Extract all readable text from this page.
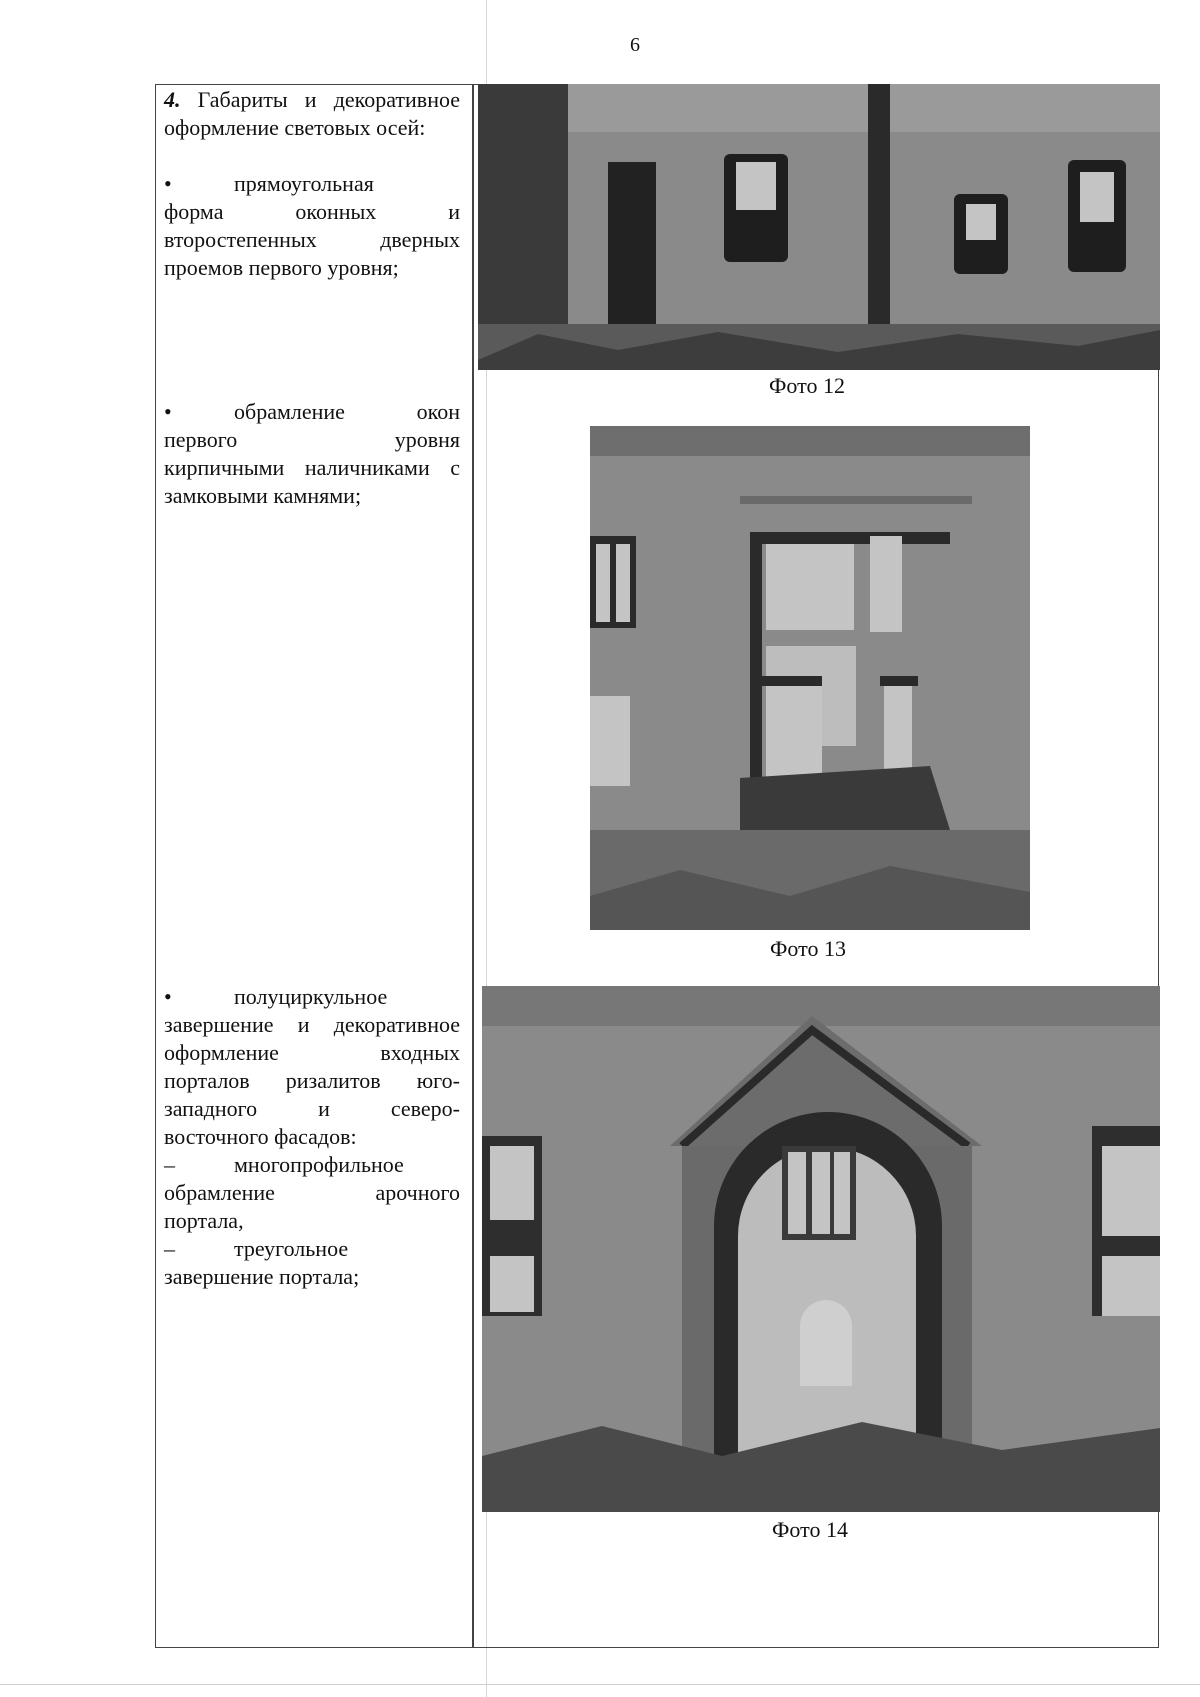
6

4. Габариты и декоративное оформление световых осей:

•	прямоугольная

форма оконных и

второстепенных дверных

проемов первого уровня;

•	обрамление окон

первого уровня

кирпичными наличниками с

замковыми камнями;

•	полуциркульное

завершение и декоративное

оформление входных

порталов ризалитов юго-

западного и северо-

восточного фасадов:

–	многопрофильное

обрамление арочного

портала,

–	треугольное

завершение портала;

Фото 12
Фото 13
Фото 14
